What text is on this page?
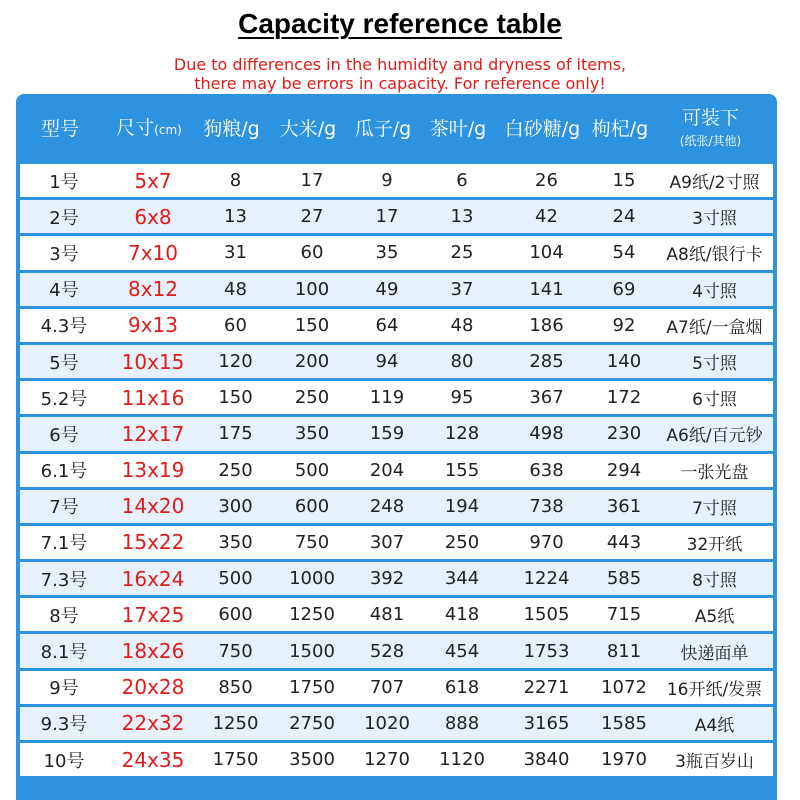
Capacity reference table
Due to differences in the humidity and dryness of items,
there may be errors in capacity. For reference only!
型号 尺寸(cm) 狗粮/g 大米/g 瓜子/g 茶叶/g 白砂糖/g 枸杞/g
可装下
(纸张/其他)
1号	5x7	8	17	9	6	26	15	A9纸/2寸照
2号	6x8	13	27	17	13	42	24	3寸照
3号	7x10	31	60	35	25	104	54	A8纸/银行卡
4号	8x12	48	100	49	37	141	69	4寸照
4.3号	9x13	60	150	64	48	186	92	A7纸/一盒烟
5号	10x15	120	200	94	80	285	140	5寸照
5.2号	11x16	150	250	119	95	367	172	6寸照
6号	12x17	175	350	159	128	498	230	A6纸/百元钞
6.1号	13x19	250	500	204	155	638	294	一张光盘
7号	14x20	300	600	248	194	738	361	7寸照
7.1号	15x22	350	750	307	250	970	443	32开纸
7.3号	16x24	500	1000	392	344	1224	585	8寸照
8号	17x25	600	1250	481	418	1505	715	A5纸
8.1号	18x26	750	1500	528	454	1753	811	快递面单
9号	20x28	850	1750	707	618	2271	1072	16开纸/发票
9.3号	22x32	1250	2750	1020	888	3165	1585	A4纸
10号	24x35	1750	3500	1270	1120	3840	1970	3瓶百岁山
